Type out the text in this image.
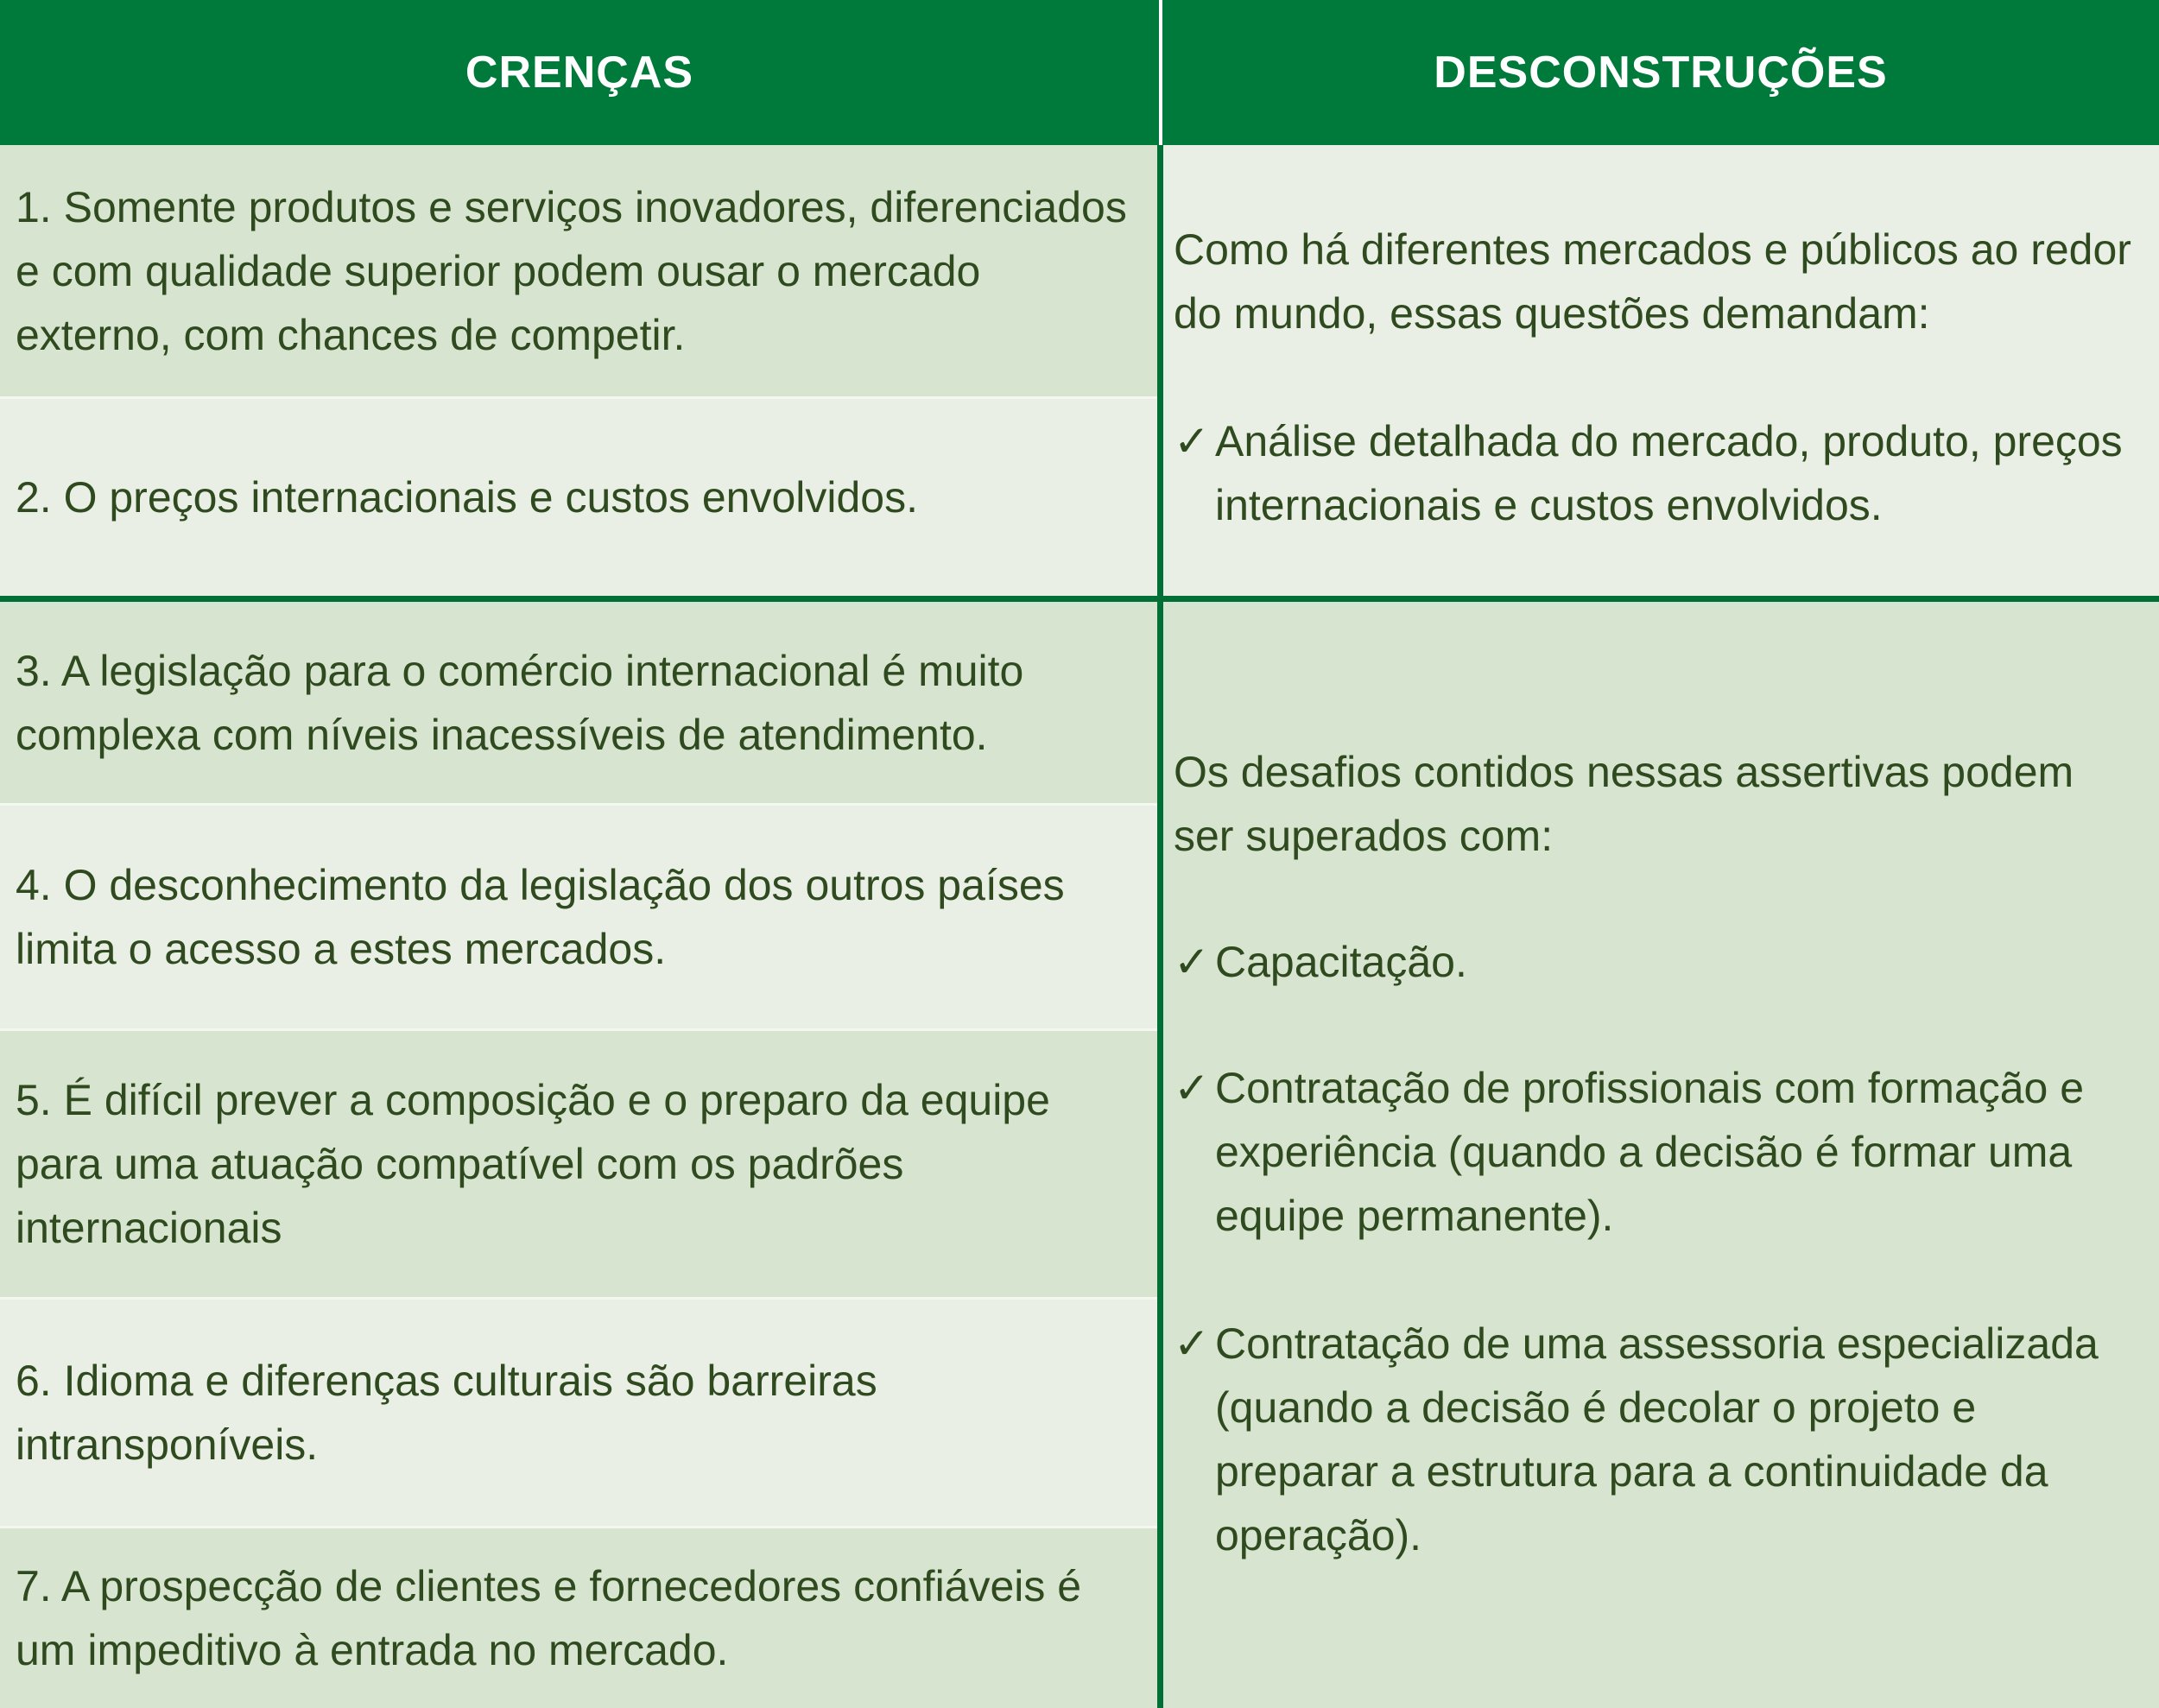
CRENÇAS	DESCONSTRUÇÕES
1. Somente produtos e serviços inovadores, diferenciados e com qualidade superior podem ousar o mercado externo, com chances de competir.
2. O preços internacionais e custos envolvidos.
3. A legislação para o comércio internacional é muito complexa com níveis inacessíveis de atendimento.
4. O desconhecimento da legislação dos outros países limita o acesso a estes mercados.
5. É difícil prever a composição e o preparo da equipe para uma atuação compatível com os padrões internacionais
6. Idioma e diferenças culturais são barreiras intransponíveis.
7. A prospecção de clientes e fornecedores confiáveis é um impeditivo à entrada no mercado.

Como há diferentes mercados e públicos ao redor do mundo, essas questões demandam:

✓ Análise detalhada do mercado, produto, preços internacionais e custos envolvidos.

Os desafios contidos nessas assertivas podem ser superados com:

✓ Capacitação.
✓ Contratação de profissionais com formação e experiência (quando a decisão é formar uma equipe permanente).
✓ Contratação de uma assessoria especializada (quando a decisão é decolar o projeto e preparar a estrutura para a continuidade da operação).
